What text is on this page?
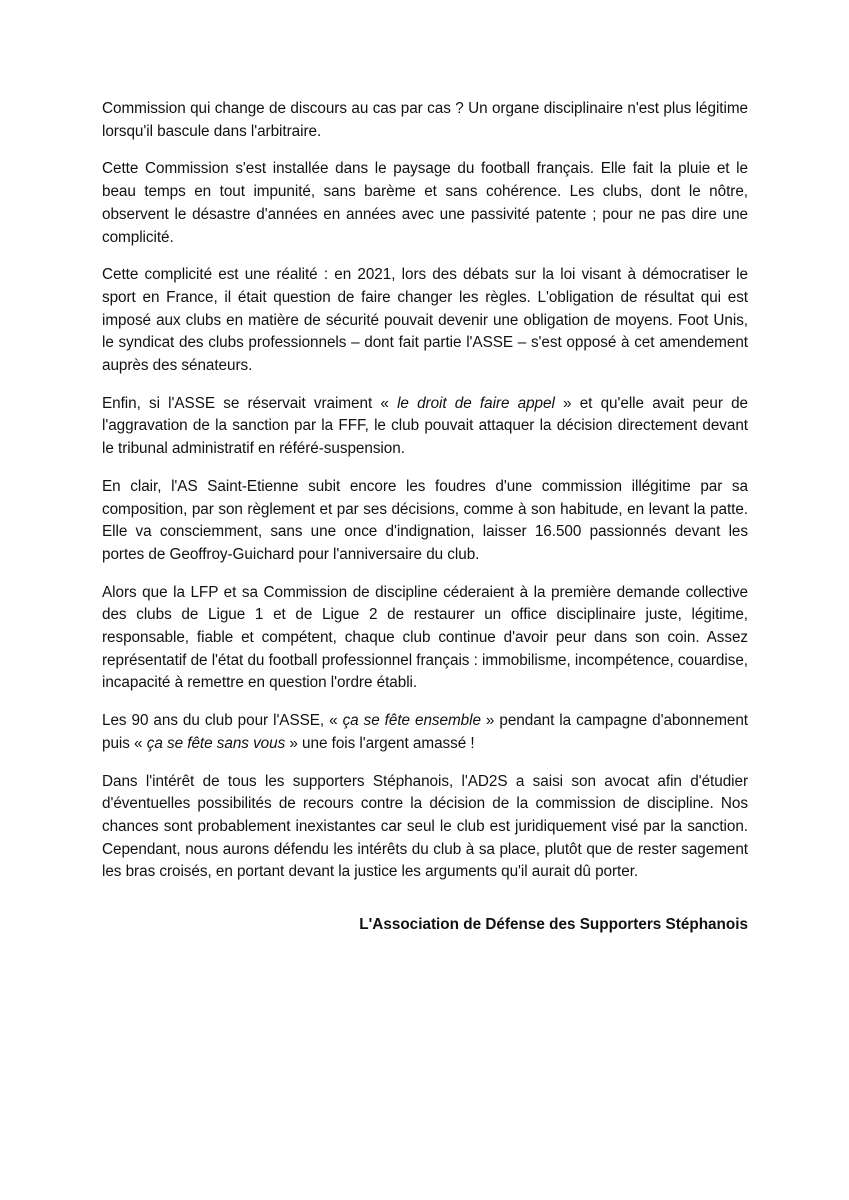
Commission qui change de discours au cas par cas ? Un organe disciplinaire n'est plus légitime lorsqu'il bascule dans l'arbitraire.

Cette Commission s'est installée dans le paysage du football français. Elle fait la pluie et le beau temps en tout impunité, sans barème et sans cohérence. Les clubs, dont le nôtre, observent le désastre d'années en années avec une passivité patente ; pour ne pas dire une complicité.

Cette complicité est une réalité : en 2021, lors des débats sur la loi visant à démocratiser le sport en France, il était question de faire changer les règles. L'obligation de résultat qui est imposé aux clubs en matière de sécurité pouvait devenir une obligation de moyens. Foot Unis, le syndicat des clubs professionnels – dont fait partie l'ASSE – s'est opposé à cet amendement auprès des sénateurs.

Enfin, si l'ASSE se réservait vraiment « le droit de faire appel » et qu'elle avait peur de l'aggravation de la sanction par la FFF, le club pouvait attaquer la décision directement devant le tribunal administratif en référé-suspension.

En clair, l'AS Saint-Etienne subit encore les foudres d'une commission illégitime par sa composition, par son règlement et par ses décisions, comme à son habitude, en levant la patte. Elle va consciemment, sans une once d'indignation, laisser 16.500 passionnés devant les portes de Geoffroy-Guichard pour l'anniversaire du club.

Alors que la LFP et sa Commission de discipline céderaient à la première demande collective des clubs de Ligue 1 et de Ligue 2 de restaurer un office disciplinaire juste, légitime, responsable, fiable et compétent, chaque club continue d'avoir peur dans son coin. Assez représentatif de l'état du football professionnel français : immobilisme, incompétence, couardise, incapacité à remettre en question l'ordre établi.

Les 90 ans du club pour l'ASSE, « ça se fête ensemble » pendant la campagne d'abonnement puis « ça se fête sans vous » une fois l'argent amassé !

Dans l'intérêt de tous les supporters Stéphanois, l'AD2S a saisi son avocat afin d'étudier d'éventuelles possibilités de recours contre la décision de la commission de discipline. Nos chances sont probablement inexistantes car seul le club est juridiquement visé par la sanction. Cependant, nous aurons défendu les intérêts du club à sa place, plutôt que de rester sagement les bras croisés, en portant devant la justice les arguments qu'il aurait dû porter.

L'Association de Défense des Supporters Stéphanois
